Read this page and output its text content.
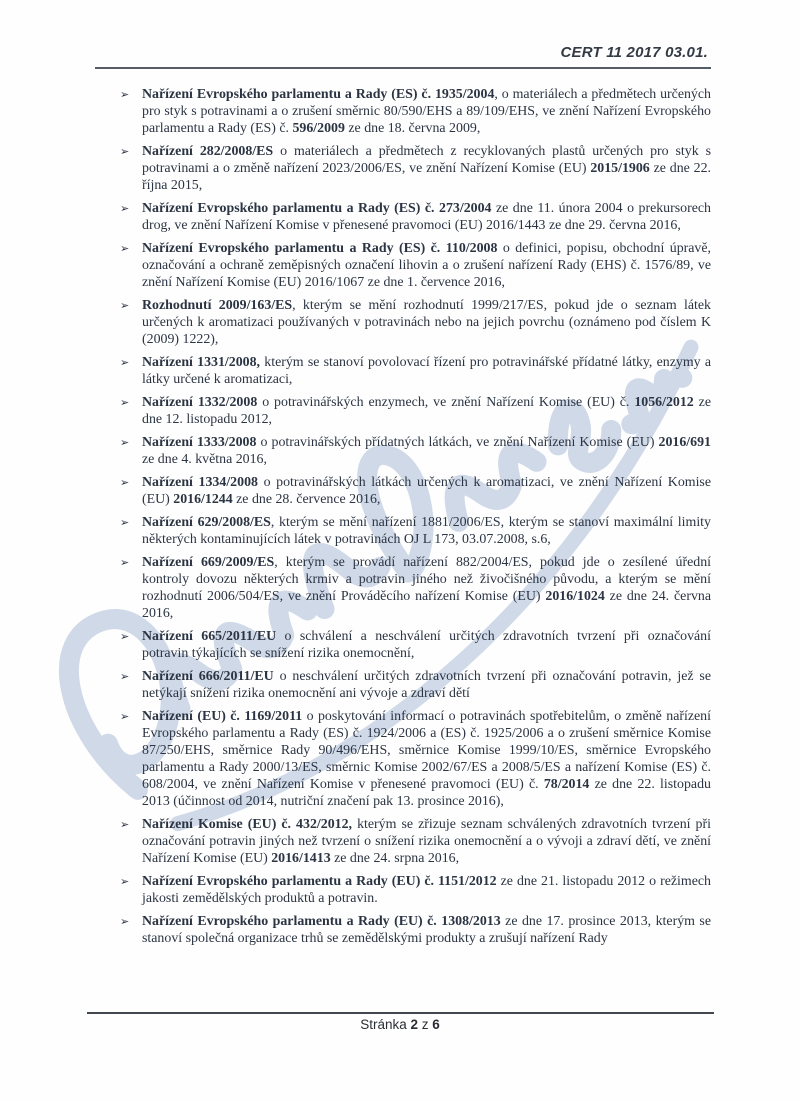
CERT 11 2017 03.01.
➢ Nařízení Evropského parlamentu a Rady (ES) č. 1935/2004, o materiálech a předmětech určených pro styk s potravinami a o zrušení směrnic 80/590/EHS a 89/109/EHS, ve znění Nařízení Evropského parlamentu a Rady (ES) č. 596/2009 ze dne 18. června 2009,

➢ Nařízení 282/2008/ES o materiálech a předmětech z recyklovaných plastů určených pro styk s potravinami a o změně nařízení 2023/2006/ES, ve znění Nařízení Komise (EU) 2015/1906 ze dne 22. října 2015,

➢ Nařízení Evropského parlamentu a Rady (ES) č. 273/2004 ze dne 11. února 2004 o prekursorech drog, ve znění Nařízení Komise v přenesené pravomoci (EU) 2016/1443 ze dne 29. června 2016,

➢ Nařízení Evropského parlamentu a Rady (ES) č. 110/2008 o definici, popisu, obchodní úpravě, označování a ochraně zeměpisných označení lihovin a o zrušení nařízení Rady (EHS) č. 1576/89, ve znění Nařízení Komise (EU) 2016/1067 ze dne 1. července 2016,

➢ Rozhodnutí 2009/163/ES, kterým se mění rozhodnutí 1999/217/ES, pokud jde o seznam látek určených k aromatizaci používaných v potravinách nebo na jejich povrchu (oznámeno pod číslem K (2009) 1222),

➢ Nařízení 1331/2008, kterým se stanoví povolovací řízení pro potravinářské přídatné látky, enzymy a látky určené k aromatizaci,

➢ Nařízení 1332/2008 o potravinářských enzymech, ve znění Nařízení Komise (EU) č. 1056/2012 ze dne 12. listopadu 2012,

➢ Nařízení 1333/2008 o potravinářských přídatných látkách, ve znění Nařízení Komise (EU) 2016/691 ze dne 4. května 2016,

➢ Nařízení 1334/2008 o potravinářských látkách určených k aromatizaci, ve znění Nařízení Komise (EU) 2016/1244 ze dne 28. července 2016,

➢ Nařízení 629/2008/ES, kterým se mění nařízení 1881/2006/ES, kterým se stanoví maximální limity některých kontaminujících látek v potravinách OJ L 173, 03.07.2008, s.6,

➢ Nařízení 669/2009/ES, kterým se provádí nařízení 882/2004/ES, pokud jde o zesílené úřední kontroly dovozu některých krmiv a potravin jiného než živočišného původu, a kterým se mění rozhodnutí 2006/504/ES, ve znění Prováděcího nařízení Komise (EU) 2016/1024 ze dne 24. června 2016,

➢ Nařízení 665/2011/EU o schválení a neschválení určitých zdravotních tvrzení při označování potravin týkajících se snížení rizika onemocnění,

➢ Nařízení 666/2011/EU o neschválení určitých zdravotních tvrzení při označování potravin, jež se netýkají snížení rizika onemocnění ani vývoje a zdraví dětí

➢ Nařízení (EU) č. 1169/2011 o poskytování informací o potravinách spotřebitelům, o změně nařízení Evropského parlamentu a Rady (ES) č. 1924/2006 a (ES) č. 1925/2006 a o zrušení směrnice Komise 87/250/EHS, směrnice Rady 90/496/EHS, směrnice Komise 1999/10/ES, směrnice Evropského parlamentu a Rady 2000/13/ES, směrnic Komise 2002/67/ES a 2008/5/ES a nařízení Komise (ES) č. 608/2004, ve znění Nařízení Komise v přenesené pravomoci (EU) č. 78/2014 ze dne 22. listopadu 2013 (účinnost od 2014, nutriční značení pak 13. prosince 2016),

➢ Nařízení Komise (EU) č. 432/2012, kterým se zřizuje seznam schválených zdravotních tvrzení při označování potravin jiných než tvrzení o snížení rizika onemocnění a o vývoji a zdraví dětí, ve znění Nařízení Komise (EU) 2016/1413 ze dne 24. srpna 2016,

➢ Nařízení Evropského parlamentu a Rady (EU) č. 1151/2012 ze dne 21. listopadu 2012 o režimech jakosti zemědělských produktů a potravin.

➢ Nařízení Evropského parlamentu a Rady (EU) č. 1308/2013 ze dne 17. prosince 2013, kterým se stanoví společná organizace trhů se zemědělskými produkty a zrušují nařízení Rady

Stránka 2 z 6
